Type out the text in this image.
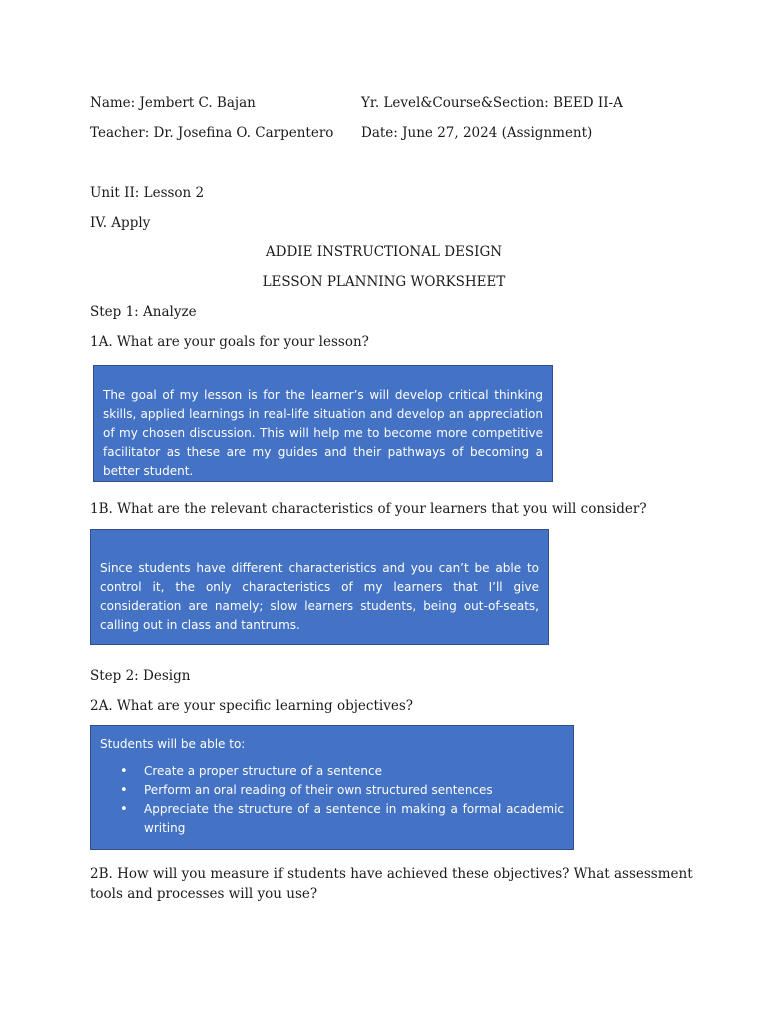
Name: Jembert C. Bajan	Yr. Level&Course&Section: BEED II-A
Teacher: Dr. Josefina O. Carpentero Date: June 27, 2024 (Assignment)
Unit II: Lesson 2
IV. Apply
ADDIE INSTRUCTIONAL DESIGN
LESSON PLANNING WORKSHEET
Step 1: Analyze
1A. What are your goals for your lesson?

The goal of my lesson is for the learner’s will develop critical thinking skills, applied learnings in real-life situation and develop an appreciation of my chosen discussion. This will help me to become more competitive facilitator as these are my guides and their pathways of becoming a better student.

1B. What are the relevant characteristics of your learners that you will consider?

Since students have different characteristics and you can’t be able to control it, the only characteristics of my learners that I’ll give consideration are namely; slow learners students, being out-of-seats, calling out in class and tantrums.

Step 2: Design
2A. What are your specific learning objectives?

Students will be able to:

• Create a proper structure of a sentence
• Perform an oral reading of their own structured sentences
• Appreciate the structure of a sentence in making a formal academic writing
2B. How will you measure if students have achieved these objectives? What assessment
tools and processes will you use?
